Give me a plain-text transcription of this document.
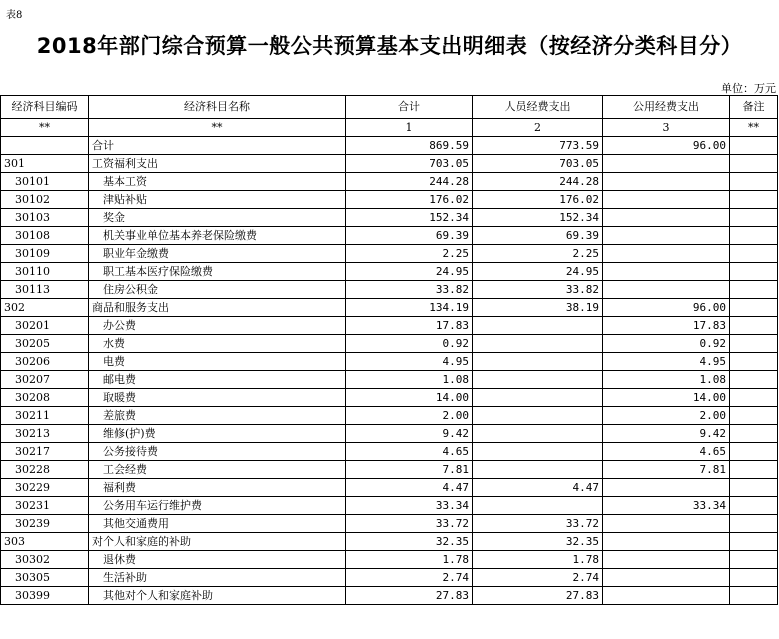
表8
2018年部门综合预算一般公共预算基本支出明细表（按经济分类科目分）
单位：万元
经济科目编码	经济科目名称	合计	人员经费支出	公用经费支出	备注
**	**	1	2	3	**
	合计	869.59	773.59	96.00	
301	工资福利支出	703.05	703.05		
30101	基本工资	244.28	244.28		
30102	津贴补贴	176.02	176.02		
30103	奖金	152.34	152.34		
30108	机关事业单位基本养老保险缴费	69.39	69.39		
30109	职业年金缴费	2.25	2.25		
30110	职工基本医疗保险缴费	24.95	24.95		
30113	住房公积金	33.82	33.82		
302	商品和服务支出	134.19	38.19	96.00	
30201	办公费	17.83		17.83	
30205	水费	0.92		0.92	
30206	电费	4.95		4.95	
30207	邮电费	1.08		1.08	
30208	取暖费	14.00		14.00	
30211	差旅费	2.00		2.00	
30213	维修(护)费	9.42		9.42	
30217	公务接待费	4.65		4.65	
30228	工会经费	7.81		7.81	
30229	福利费	4.47	4.47		
30231	公务用车运行维护费	33.34		33.34	
30239	其他交通费用	33.72	33.72		
303	对个人和家庭的补助	32.35	32.35		
30302	退休费	1.78	1.78		
30305	生活补助	2.74	2.74		
30399	其他对个人和家庭补助	27.83	27.83		
